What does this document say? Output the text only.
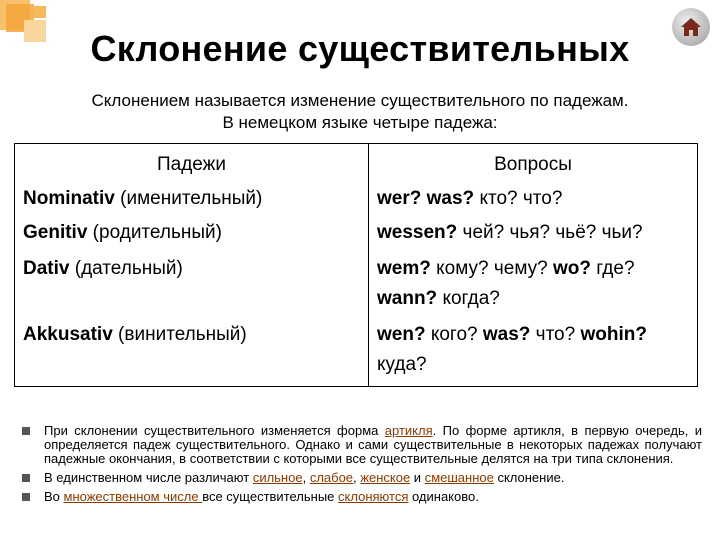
Склонение существительных
Склонением называется изменение существительного по падежам.
В немецком языке четыре падежа:
Падежи	Вопросы
Nominativ (именительный)	wer? was? кто? что?
Genitiv (родительный)	wessen? чей? чья? чьё? чьи?
Dativ (дательный)	wem? кому? чему? wo? где? wann? когда?
Akkusativ (винительный)	wen? кого? was? что? wohin? куда?
При склонении существительного изменяется форма артикля. По форме артикля, в первую очередь, и определяется падеж существительного. Однако и сами существительные в некоторых падежах получают падежные окончания, в соответствии с которыми все существительные делятся на три типа склонения.
В единственном числе различают сильное, слабое, женское и смешанное склонение.
Во множественном числе все существительные склоняются одинаково.
